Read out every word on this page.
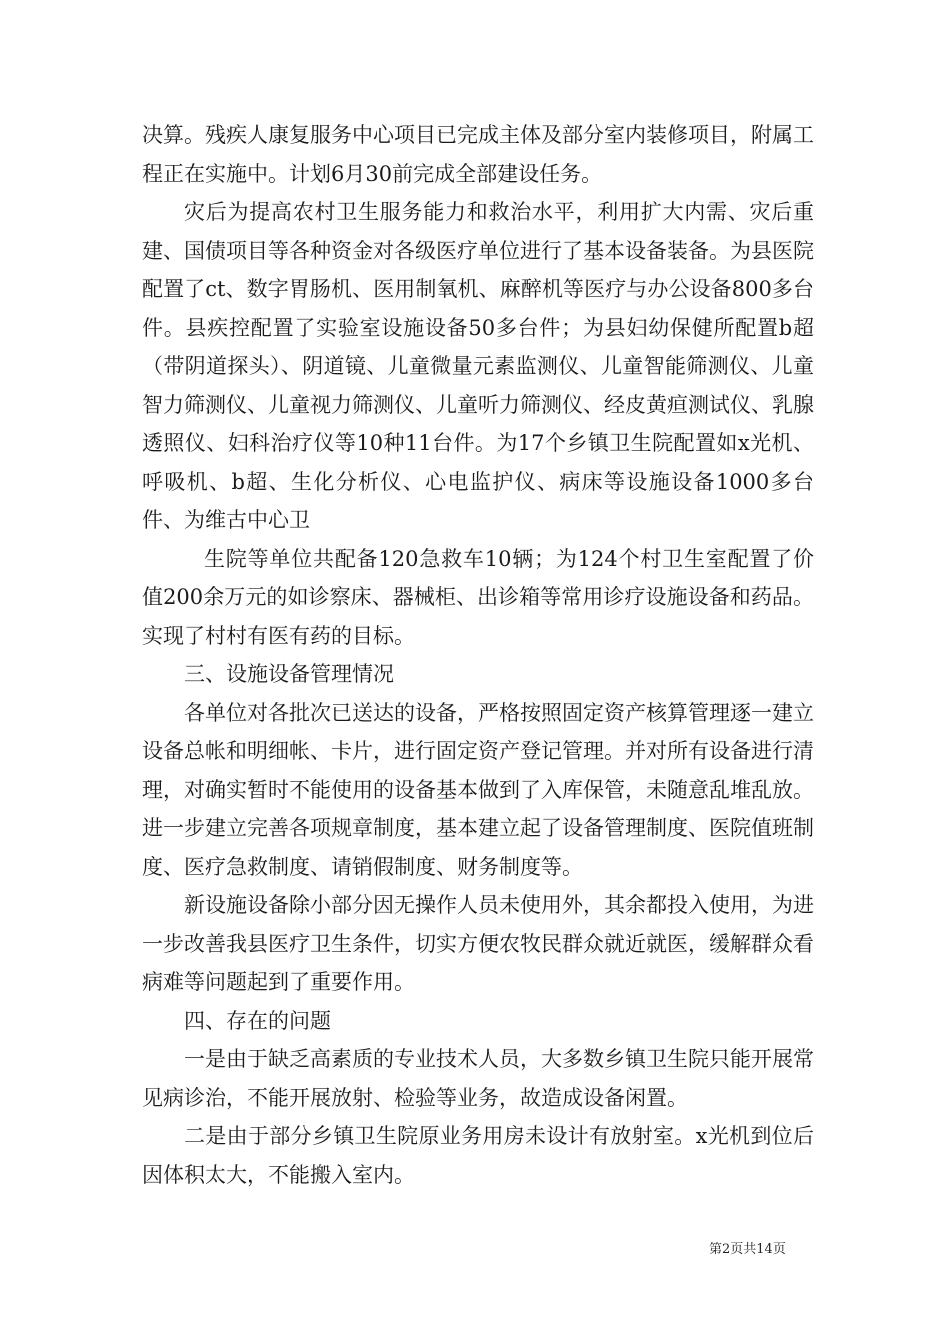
决算。残疾人康复服务中心项目已完成主体及部分室内装修项目，附属工程正在实施中。计划6月30前完成全部建设任务。

灾后为提高农村卫生服务能力和救治水平，利用扩大内需、灾后重建、国债项目等各种资金对各级医疗单位进行了基本设备装备。为县医院配置了ct、数字胃肠机、医用制氧机、麻醉机等医疗与办公设备800多台件。县疾控配置了实验室设施设备50多台件；为县妇幼保健所配置b超（带阴道探头）、阴道镜、儿童微量元素监测仪、儿童智能筛测仪、儿童智力筛测仪、儿童视力筛测仪、儿童听力筛测仪、经皮黄疸测试仪、乳腺透照仪、妇科治疗仪等10种11台件。为17个乡镇卫生院配置如x光机、呼吸机、b超、生化分析仪、心电监护仪、病床等设施设备1000多台件、为维古中心卫

生院等单位共配备120急救车10辆；为124个村卫生室配置了价值200余万元的如诊察床、器械柜、出诊箱等常用诊疗设施设备和药品。实现了村村有医有药的目标。

三、设施设备管理情况

各单位对各批次已送达的设备，严格按照固定资产核算管理逐一建立设备总帐和明细帐、卡片，进行固定资产登记管理。并对所有设备进行清理，对确实暂时不能使用的设备基本做到了入库保管，未随意乱堆乱放。进一步建立完善各项规章制度，基本建立起了设备管理制度、医院值班制度、医疗急救制度、请销假制度、财务制度等。

新设施设备除小部分因无操作人员未使用外，其余都投入使用，为进一步改善我县医疗卫生条件，切实方便农牧民群众就近就医，缓解群众看病难等问题起到了重要作用。

四、存在的问题

一是由于缺乏高素质的专业技术人员，大多数乡镇卫生院只能开展常见病诊治，不能开展放射、检验等业务，故造成设备闲置。

二是由于部分乡镇卫生院原业务用房未设计有放射室。x光机到位后因体积太大，不能搬入室内。

第2页共14页
